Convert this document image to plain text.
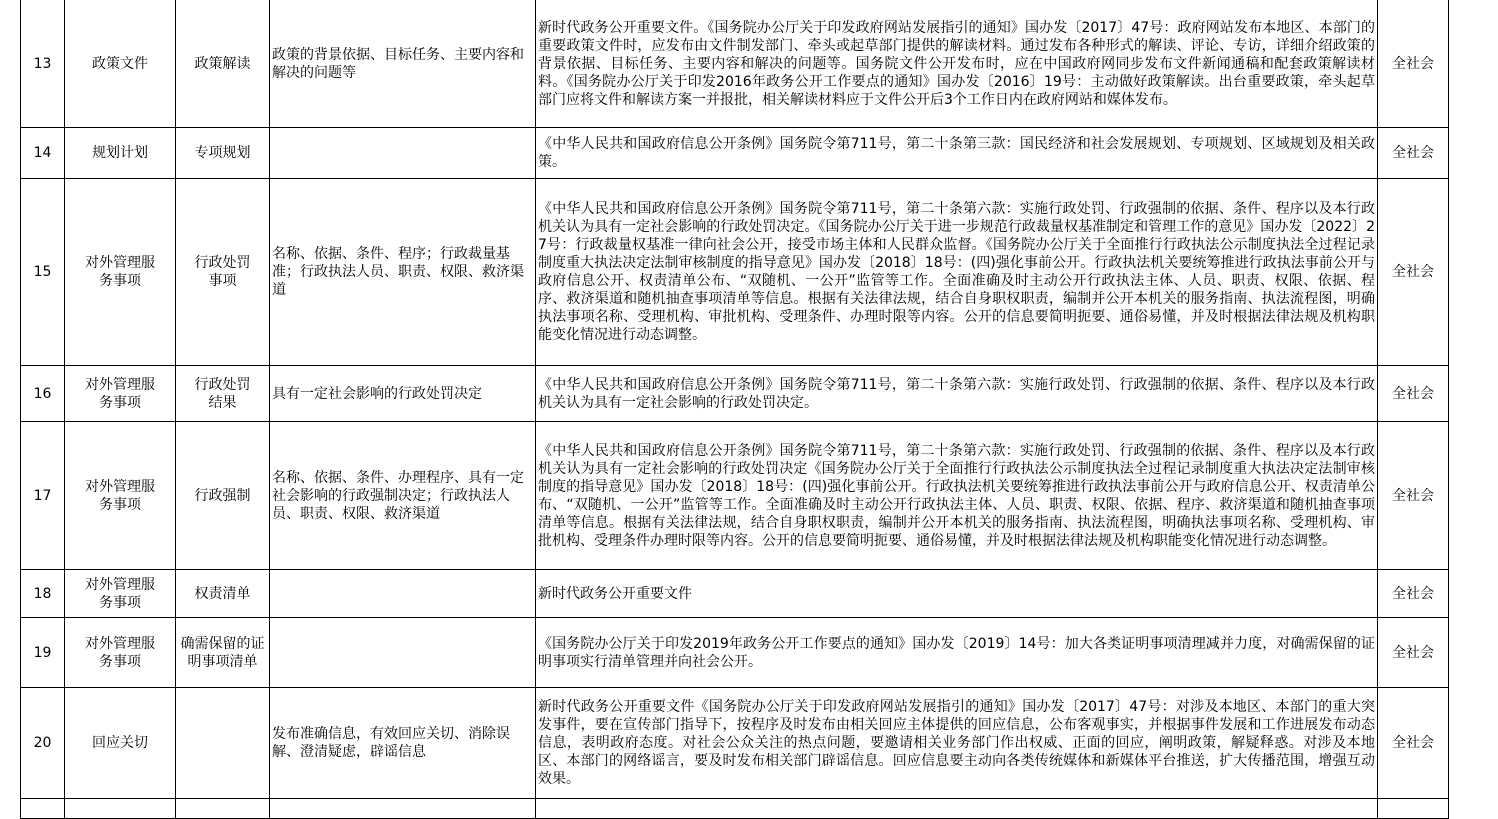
13	政策文件	政策解读	政策的背景依据、目标任务、主要内容和解决的问题等	新时代政务公开重要文件。《国务院办公厅关于印发政府网站发展指引的通知》国办发〔2017〕47号：政府网站发布本地区、本部门的重要政策文件时，应发布由文件制发部门、牵头或起草部门提供的解读材料。通过发布各种形式的解读、评论、专访，详细介绍政策的背景依据、目标任务、主要内容和解决的问题等。国务院文件公开发布时，应在中国政府网同步发布文件新闻通稿和配套政策解读材料。《国务院办公厅关于印发2016年政务公开工作要点的通知》国办发〔2016〕19号：主动做好政策解读。出台重要政策，牵头起草部门应将文件和解读方案一并报批，相关解读材料应于文件公开后3个工作日内在政府网站和媒体发布。	全社会
14	规划计划	专项规划		《中华人民共和国政府信息公开条例》国务院令第711号，第二十条第三款：国民经济和社会发展规划、专项规划、区域规划及相关政策。	全社会
15	对外管理服务事项	行政处罚事项	名称、依据、条件、程序；行政裁量基准；行政执法人员、职责、权限、救济渠道	《中华人民共和国政府信息公开条例》国务院令第711号，第二十条第六款：实施行政处罚、行政强制的依据、条件、程序以及本行政机关认为具有一定社会影响的行政处罚决定。《国务院办公厅关于进一步规范行政裁量权基准制定和管理工作的意见》国办发〔2022〕27号：行政裁量权基准一律向社会公开，接受市场主体和人民群众监督。《国务院办公厅关于全面推行行政执法公示制度执法全过程记录制度重大执法决定法制审核制度的指导意见》国办发〔2018〕18号：(四)强化事前公开。行政执法机关要统筹推进行政执法事前公开与政府信息公开、权责清单公布、“双随机、一公开”监管等工作。全面准确及时主动公开行政执法主体、人员、职责、权限、依据、程序、救济渠道和随机抽查事项清单等信息。根据有关法律法规，结合自身职权职责，编制并公开本机关的服务指南、执法流程图，明确执法事项名称、受理机构、审批机构、受理条件、办理时限等内容。公开的信息要简明扼要、通俗易懂，并及时根据法律法规及机构职能变化情况进行动态调整。	全社会
16	对外管理服务事项	行政处罚结果	具有一定社会影响的行政处罚决定	《中华人民共和国政府信息公开条例》国务院令第711号，第二十条第六款：实施行政处罚、行政强制的依据、条件、程序以及本行政机关认为具有一定社会影响的行政处罚决定。	全社会
17	对外管理服务事项	行政强制	名称、依据、条件、办理程序、具有一定社会影响的行政强制决定；行政执法人员、职责、权限、救济渠道	《中华人民共和国政府信息公开条例》国务院令第711号，第二十条第六款：实施行政处罚、行政强制的依据、条件、程序以及本行政机关认为具有一定社会影响的行政处罚决定《国务院办公厅关于全面推行行政执法公示制度执法全过程记录制度重大执法决定法制审核制度的指导意见》国办发〔2018〕18号：(四)强化事前公开。行政执法机关要统筹推进行政执法事前公开与政府信息公开、权责清单公布、“双随机、一公开”监管等工作。全面准确及时主动公开行政执法主体、人员、职责、权限、依据、程序、救济渠道和随机抽查事项清单等信息。根据有关法律法规，结合自身职权职责，编制并公开本机关的服务指南、执法流程图，明确执法事项名称、受理机构、审批机构、受理条件办理时限等内容。公开的信息要简明扼要、通俗易懂，并及时根据法律法规及机构职能变化情况进行动态调整。	全社会
18	对外管理服务事项	权责清单		新时代政务公开重要文件	全社会
19	对外管理服务事项	确需保留的证明事项清单		《国务院办公厅关于印发2019年政务公开工作要点的通知》国办发〔2019〕14号：加大各类证明事项清理减并力度，对确需保留的证明事项实行清单管理并向社会公开。	全社会
20	回应关切		发布准确信息，有效回应关切、消除误解、澄清疑虑，辟谣信息	新时代政务公开重要文件《国务院办公厅关于印发政府网站发展指引的通知》国办发〔2017〕47号：对涉及本地区、本部门的重大突发事件，要在宣传部门指导下，按程序及时发布由相关回应主体提供的回应信息，公布客观事实，并根据事件发展和工作进展发布动态信息，表明政府态度。对社会公众关注的热点问题，要邀请相关业务部门作出权威、正面的回应，阐明政策，解疑释惑。对涉及本地区、本部门的网络谣言，要及时发布相关部门辟谣信息。回应信息要主动向各类传统媒体和新媒体平台推送，扩大传播范围，增强互动效果。	全社会
